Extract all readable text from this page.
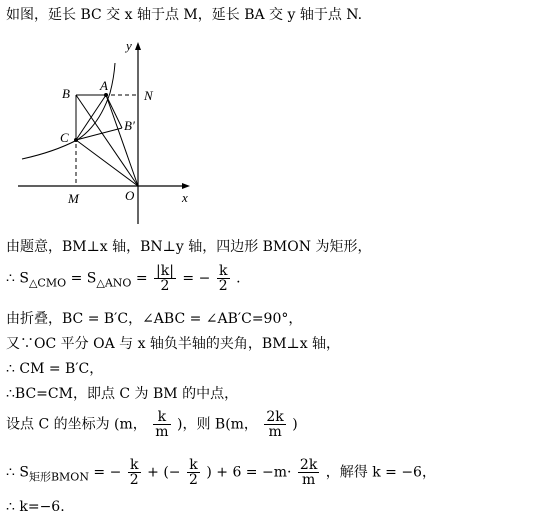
如图，延长 BC 交 x 轴于点 M，延长 BA 交 y 轴于点 N.
B
A
N
C
B′
M	O	x
y
由题意，BM⊥x 轴，BN⊥y 轴，四边形 BMON 为矩形，
∴ $S_{\triangle CMO} = S_{\triangle ANO} = \frac{|k|}{2}$ = − $\frac{k}{2}$ .
由折叠，BC = B′C，∠ABC = ∠AB′C=90°，
又∵OC 平分 OA 与 x 轴负半轴的夹角，BM⊥x 轴，
∴ CM = B′C，
∴BC=CM，即点 C 为 BM 的中点，
设点 C 的坐标为 (m， $\frac{k}{m}$ )，则 B(m， $\frac{2k}{m}$ )
∴ $S_{矩形BMON}$ = − $\frac{k}{2}$ + (− $\frac{k}{2}$ ) + $6 = -m\cdot \frac{2k}{m}$ ，解得 k = −6，
∴ k=−6.
